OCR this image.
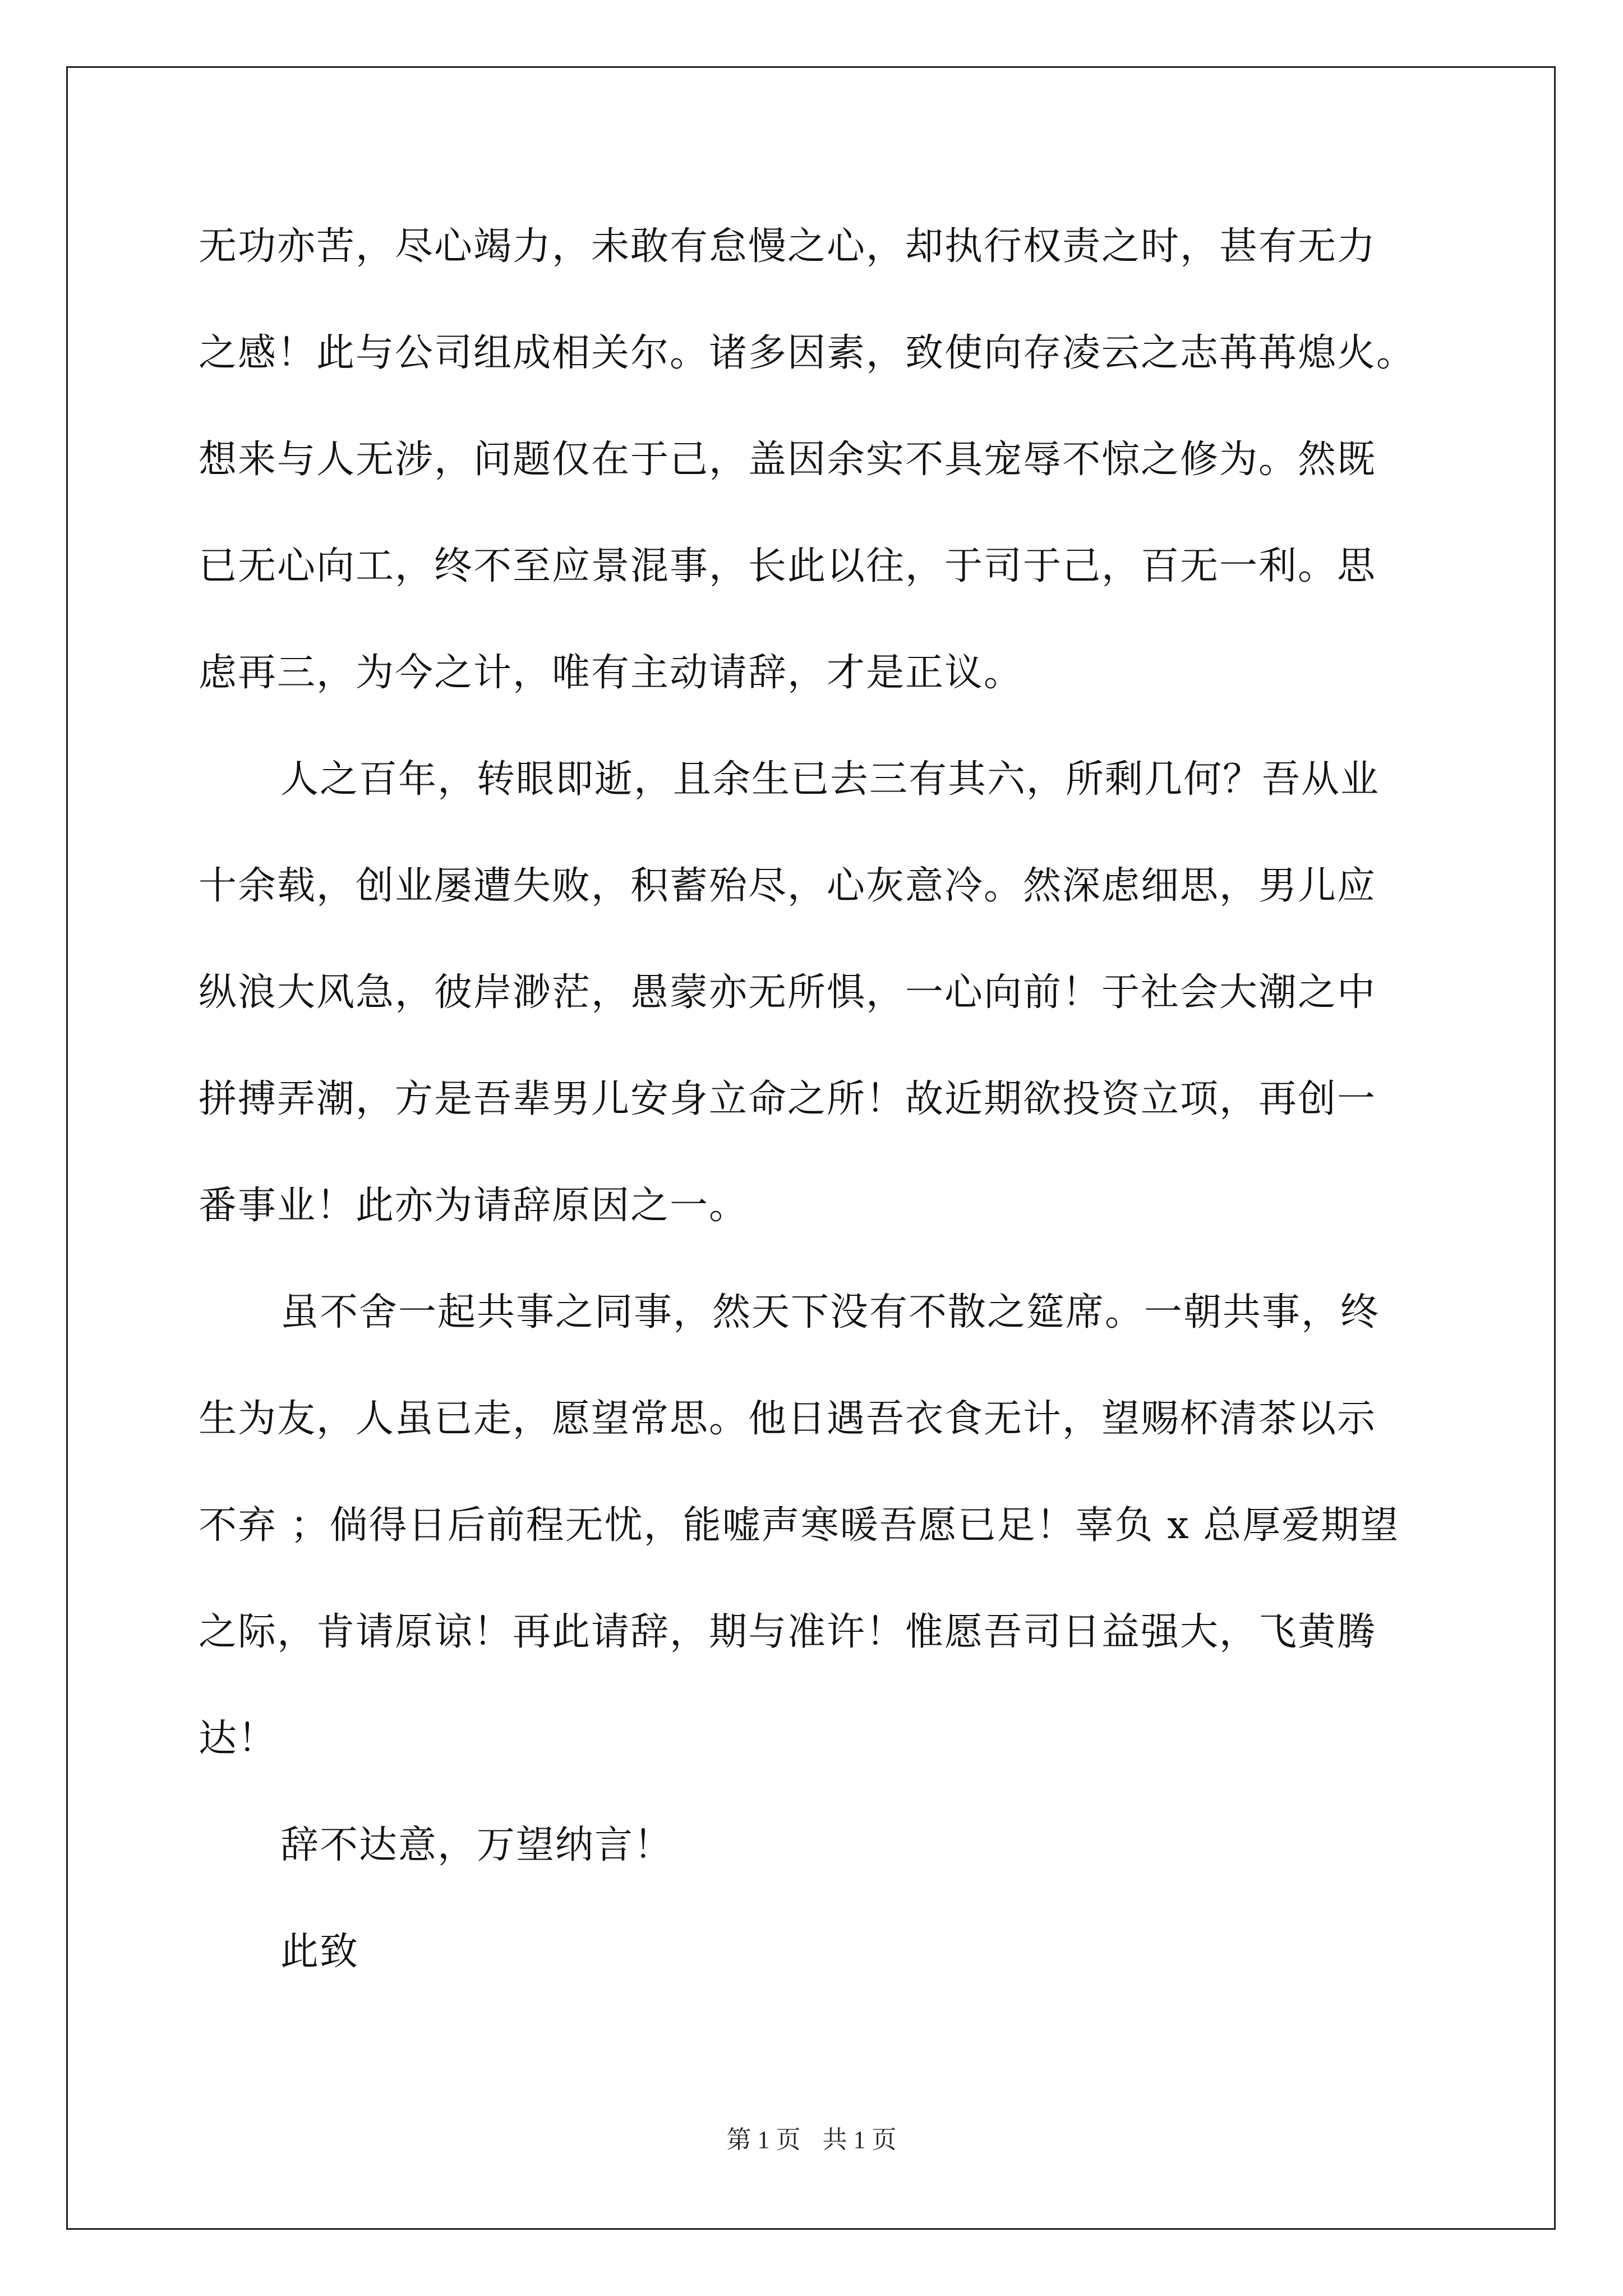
无功亦苦，尽心竭力，未敢有怠慢之心，却执行权责之时，甚有无力
之感！此与公司组成相关尔。诸多因素，致使向存凌云之志苒苒熄火。
想来与人无涉，问题仅在于己，盖因余实不具宠辱不惊之修为。然既
已无心向工，终不至应景混事，长此以往，于司于己，百无一利。思
虑再三，为今之计，唯有主动请辞，才是正议。
人之百年，转眼即逝，且余生已去三有其六，所剩几何？吾从业
十余载，创业屡遭失败，积蓄殆尽，心灰意冷。然深虑细思，男儿应
纵浪大风急，彼岸渺茫，愚蒙亦无所惧，一心向前！于社会大潮之中
拼搏弄潮，方是吾辈男儿安身立命之所！故近期欲投资立项，再创一
番事业！此亦为请辞原因之一。
虽不舍一起共事之同事，然天下没有不散之筵席。一朝共事，终
生为友，人虽已走，愿望常思。他日遇吾衣食无计，望赐杯清茶以示
不弃 ；倘得日后前程无忧，能嘘声寒暖吾愿已足！辜负 x 总厚爱期望
之际，肯请原谅！再此请辞，期与准许！惟愿吾司日益强大，飞黄腾
达！
辞不达意，万望纳言！
此致
第 1 页 共 1 页
